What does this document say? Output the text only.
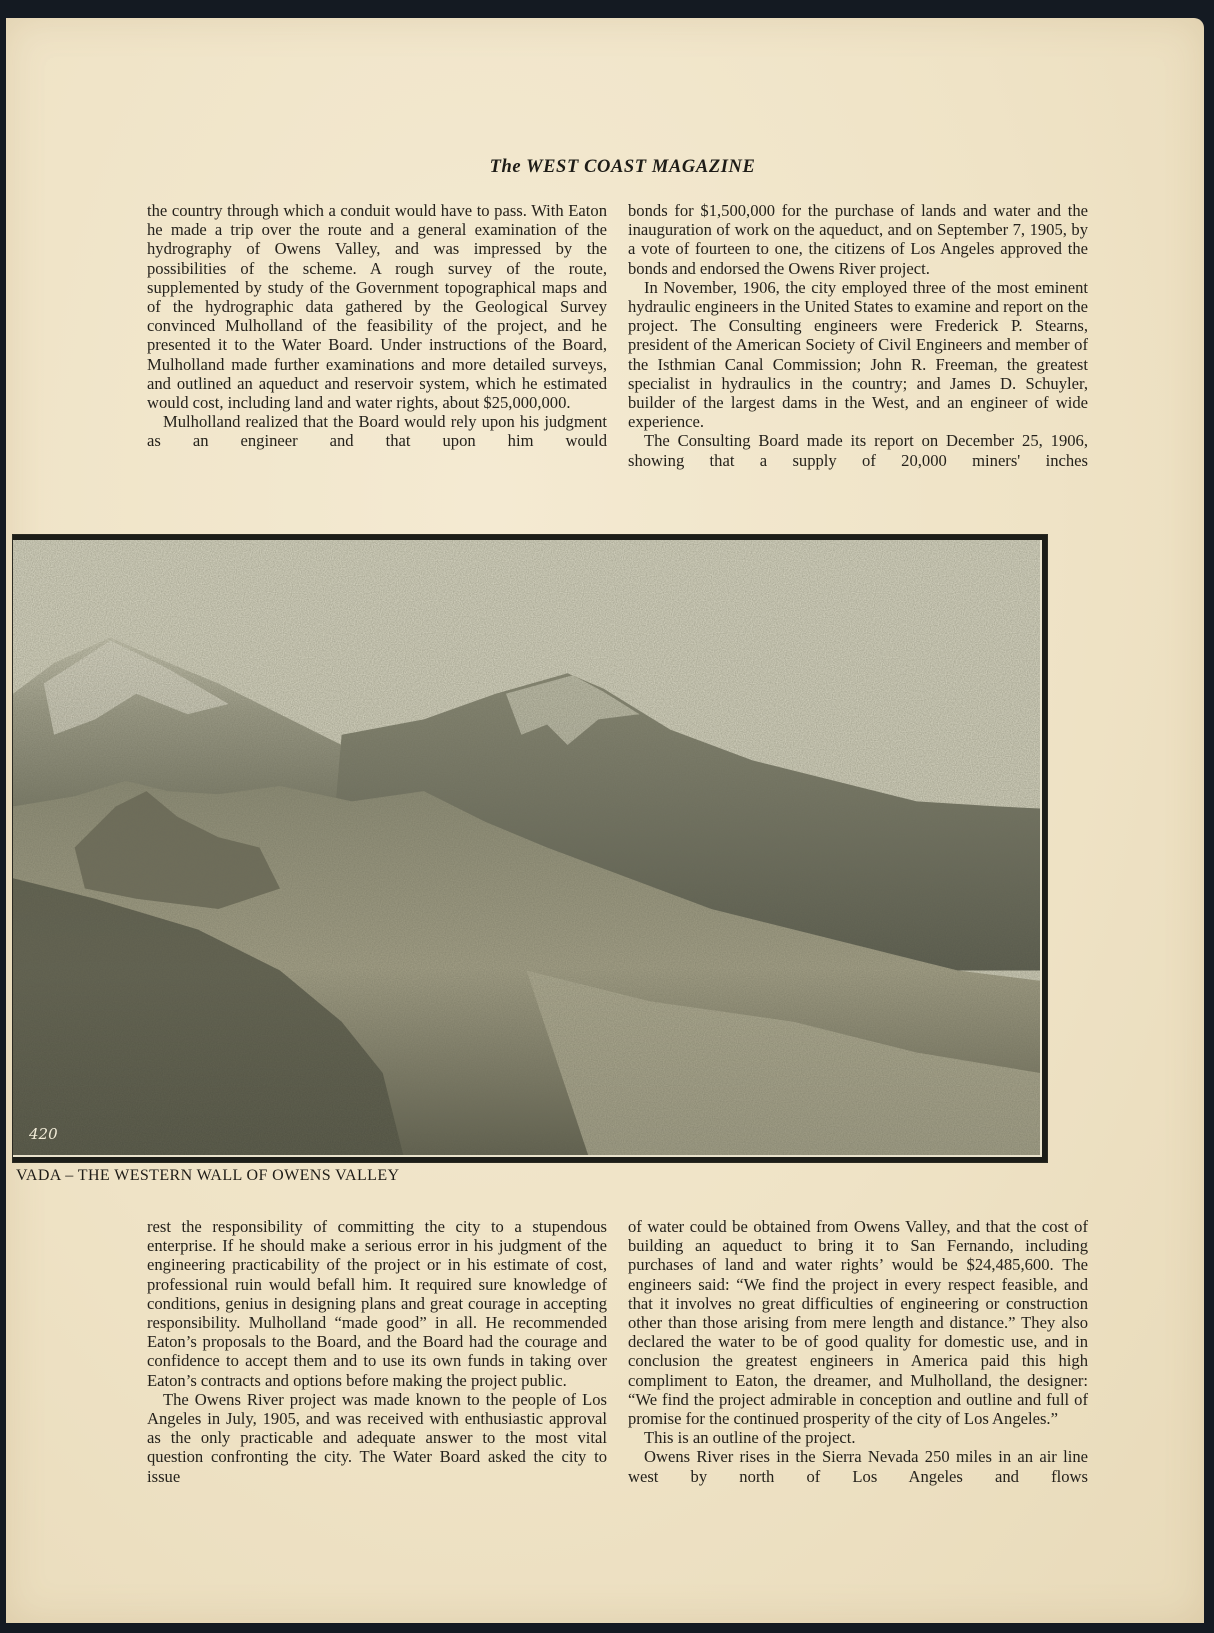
The WEST COAST MAGAZINE

the country through which a conduit would have to pass. With Eaton he made a trip over the route and a general examination of the hydrography of Owens Valley, and was impressed by the possibilities of the scheme. A rough survey of the route, supplemented by study of the Government topographical maps and of the hydrographic data gathered by the Geological Survey convinced Mulholland of the feasibility of the project, and he presented it to the Water Board. Under instructions of the Board, Mulholland made further examinations and more detailed surveys, and outlined an aqueduct and reservoir system, which he estimated would cost, including land and water rights, about $25,000,000.

Mulholland realized that the Board would rely upon his judgment as an engineer and that upon him would

bonds for $1,500,000 for the purchase of lands and water and the inauguration of work on the aqueduct, and on September 7, 1905, by a vote of fourteen to one, the citizens of Los Angeles approved the bonds and endorsed the Owens River project.

In November, 1906, the city employed three of the most eminent hydraulic engineers in the United States to examine and report on the project. The Consulting engineers were Frederick P. Stearns, president of the American Society of Civil Engineers and member of the Isthmian Canal Commission; John R. Freeman, the greatest specialist in hydraulics in the country; and James D. Schuyler, builder of the largest dams in the West, and an engineer of wide experience.

The Consulting Board made its report on December 25, 1906, showing that a supply of 20,000 miners' inches

420
VADA – THE WESTERN WALL OF OWENS VALLEY

rest the responsibility of committing the city to a stupendous enterprise. If he should make a serious error in his judgment of the engineering practicability of the project or in his estimate of cost, professional ruin would befall him. It required sure knowledge of conditions, genius in designing plans and great courage in accepting responsibility. Mulholland “made good” in all. He recommended Eaton’s proposals to the Board, and the Board had the courage and confidence to accept them and to use its own funds in taking over Eaton’s contracts and options before making the project public.

The Owens River project was made known to the people of Los Angeles in July, 1905, and was received with enthusiastic approval as the only practicable and adequate answer to the most vital question confronting the city. The Water Board asked the city to issue

of water could be obtained from Owens Valley, and that the cost of building an aqueduct to bring it to San Fernando, including purchases of land and water rights’ would be $24,485,600. The engineers said: “We find the project in every respect feasible, and that it involves no great difficulties of engineering or construction other than those arising from mere length and distance.” They also declared the water to be of good quality for domestic use, and in conclusion the greatest engineers in America paid this high compliment to Eaton, the dreamer, and Mulholland, the designer: “We find the project admirable in conception and outline and full of promise for the continued prosperity of the city of Los Angeles.”

This is an outline of the project.

Owens River rises in the Sierra Nevada 250 miles in an air line west by north of Los Angeles and flows
